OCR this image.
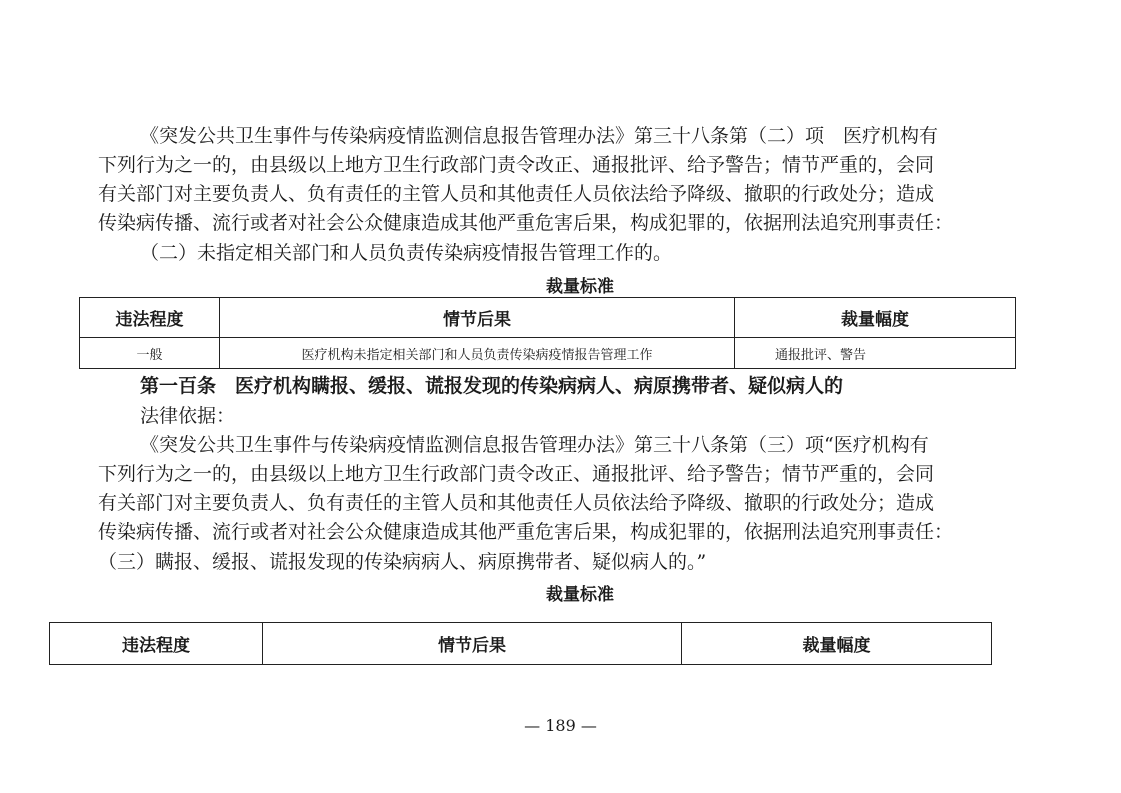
《突发公共卫生事件与传染病疫情监测信息报告管理办法》第三十八条第（二）项　医疗机构有
下列行为之一的，由县级以上地方卫生行政部门责令改正、通报批评、给予警告；情节严重的，会同
有关部门对主要负责人、负有责任的主管人员和其他责任人员依法给予降级、撤职的行政处分；造成
传染病传播、流行或者对社会公众健康造成其他严重危害后果，构成犯罪的，依据刑法追究刑事责任：
（二）未指定相关部门和人员负责传染病疫情报告管理工作的。
裁量标准
违法程度	情节后果	裁量幅度
一般	医疗机构未指定相关部门和人员负责传染病疫情报告管理工作	通报批评、警告
第一百条　医疗机构瞒报、缓报、谎报发现的传染病病人、病原携带者、疑似病人的
法律依据：
《突发公共卫生事件与传染病疫情监测信息报告管理办法》第三十八条第（三）项“医疗机构有
下列行为之一的，由县级以上地方卫生行政部门责令改正、通报批评、给予警告；情节严重的，会同
有关部门对主要负责人、负有责任的主管人员和其他责任人员依法给予降级、撤职的行政处分；造成
传染病传播、流行或者对社会公众健康造成其他严重危害后果，构成犯罪的，依据刑法追究刑事责任：
（三）瞒报、缓报、谎报发现的传染病病人、病原携带者、疑似病人的。”
裁量标准
违法程度	情节后果	裁量幅度
— 189 —
